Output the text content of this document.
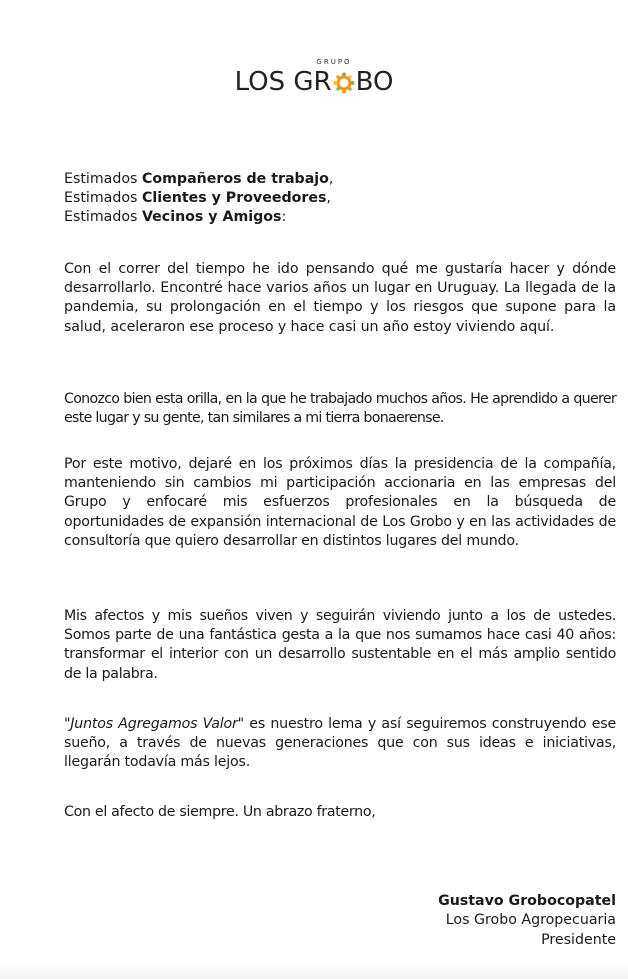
GRUPO
LOS GR BO
Estimados Compañeros de trabajo,
Estimados Clientes y Proveedores,
Estimados Vecinos y Amigos:

Con el correr del tiempo he ido pensando qué me gustaría hacer y dónde desarrollarlo. Encontré hace varios años un lugar en Uruguay. La llegada de la pandemia, su prolongación en el tiempo y los riesgos que supone para la salud, aceleraron ese proceso y hace casi un año estoy viviendo aquí.

Conozco bien esta orilla, en la que he trabajado muchos años. He aprendido a querer este lugar y su gente, tan similares a mi tierra bonaerense.

Por este motivo, dejaré en los próximos días la presidencia de la compañía, manteniendo sin cambios mi participación accionaria en las empresas del Grupo y enfocaré mis esfuerzos profesionales en la búsqueda de oportunidades de expansión internacional de Los Grobo y en las actividades de consultoría que quiero desarrollar en distintos lugares del mundo.

Mis afectos y mis sueños viven y seguirán viviendo junto a los de ustedes. Somos parte de una fantástica gesta a la que nos sumamos hace casi 40 años: transformar el interior con un desarrollo sustentable en el más amplio sentido de la palabra.

"Juntos Agregamos Valor" es nuestro lema y así seguiremos construyendo ese sueño, a través de nuevas generaciones que con sus ideas e iniciativas, llegarán todavía más lejos.

Con el afecto de siempre. Un abrazo fraterno,

Gustavo Grobocopatel
Los Grobo Agropecuaria
Presidente
